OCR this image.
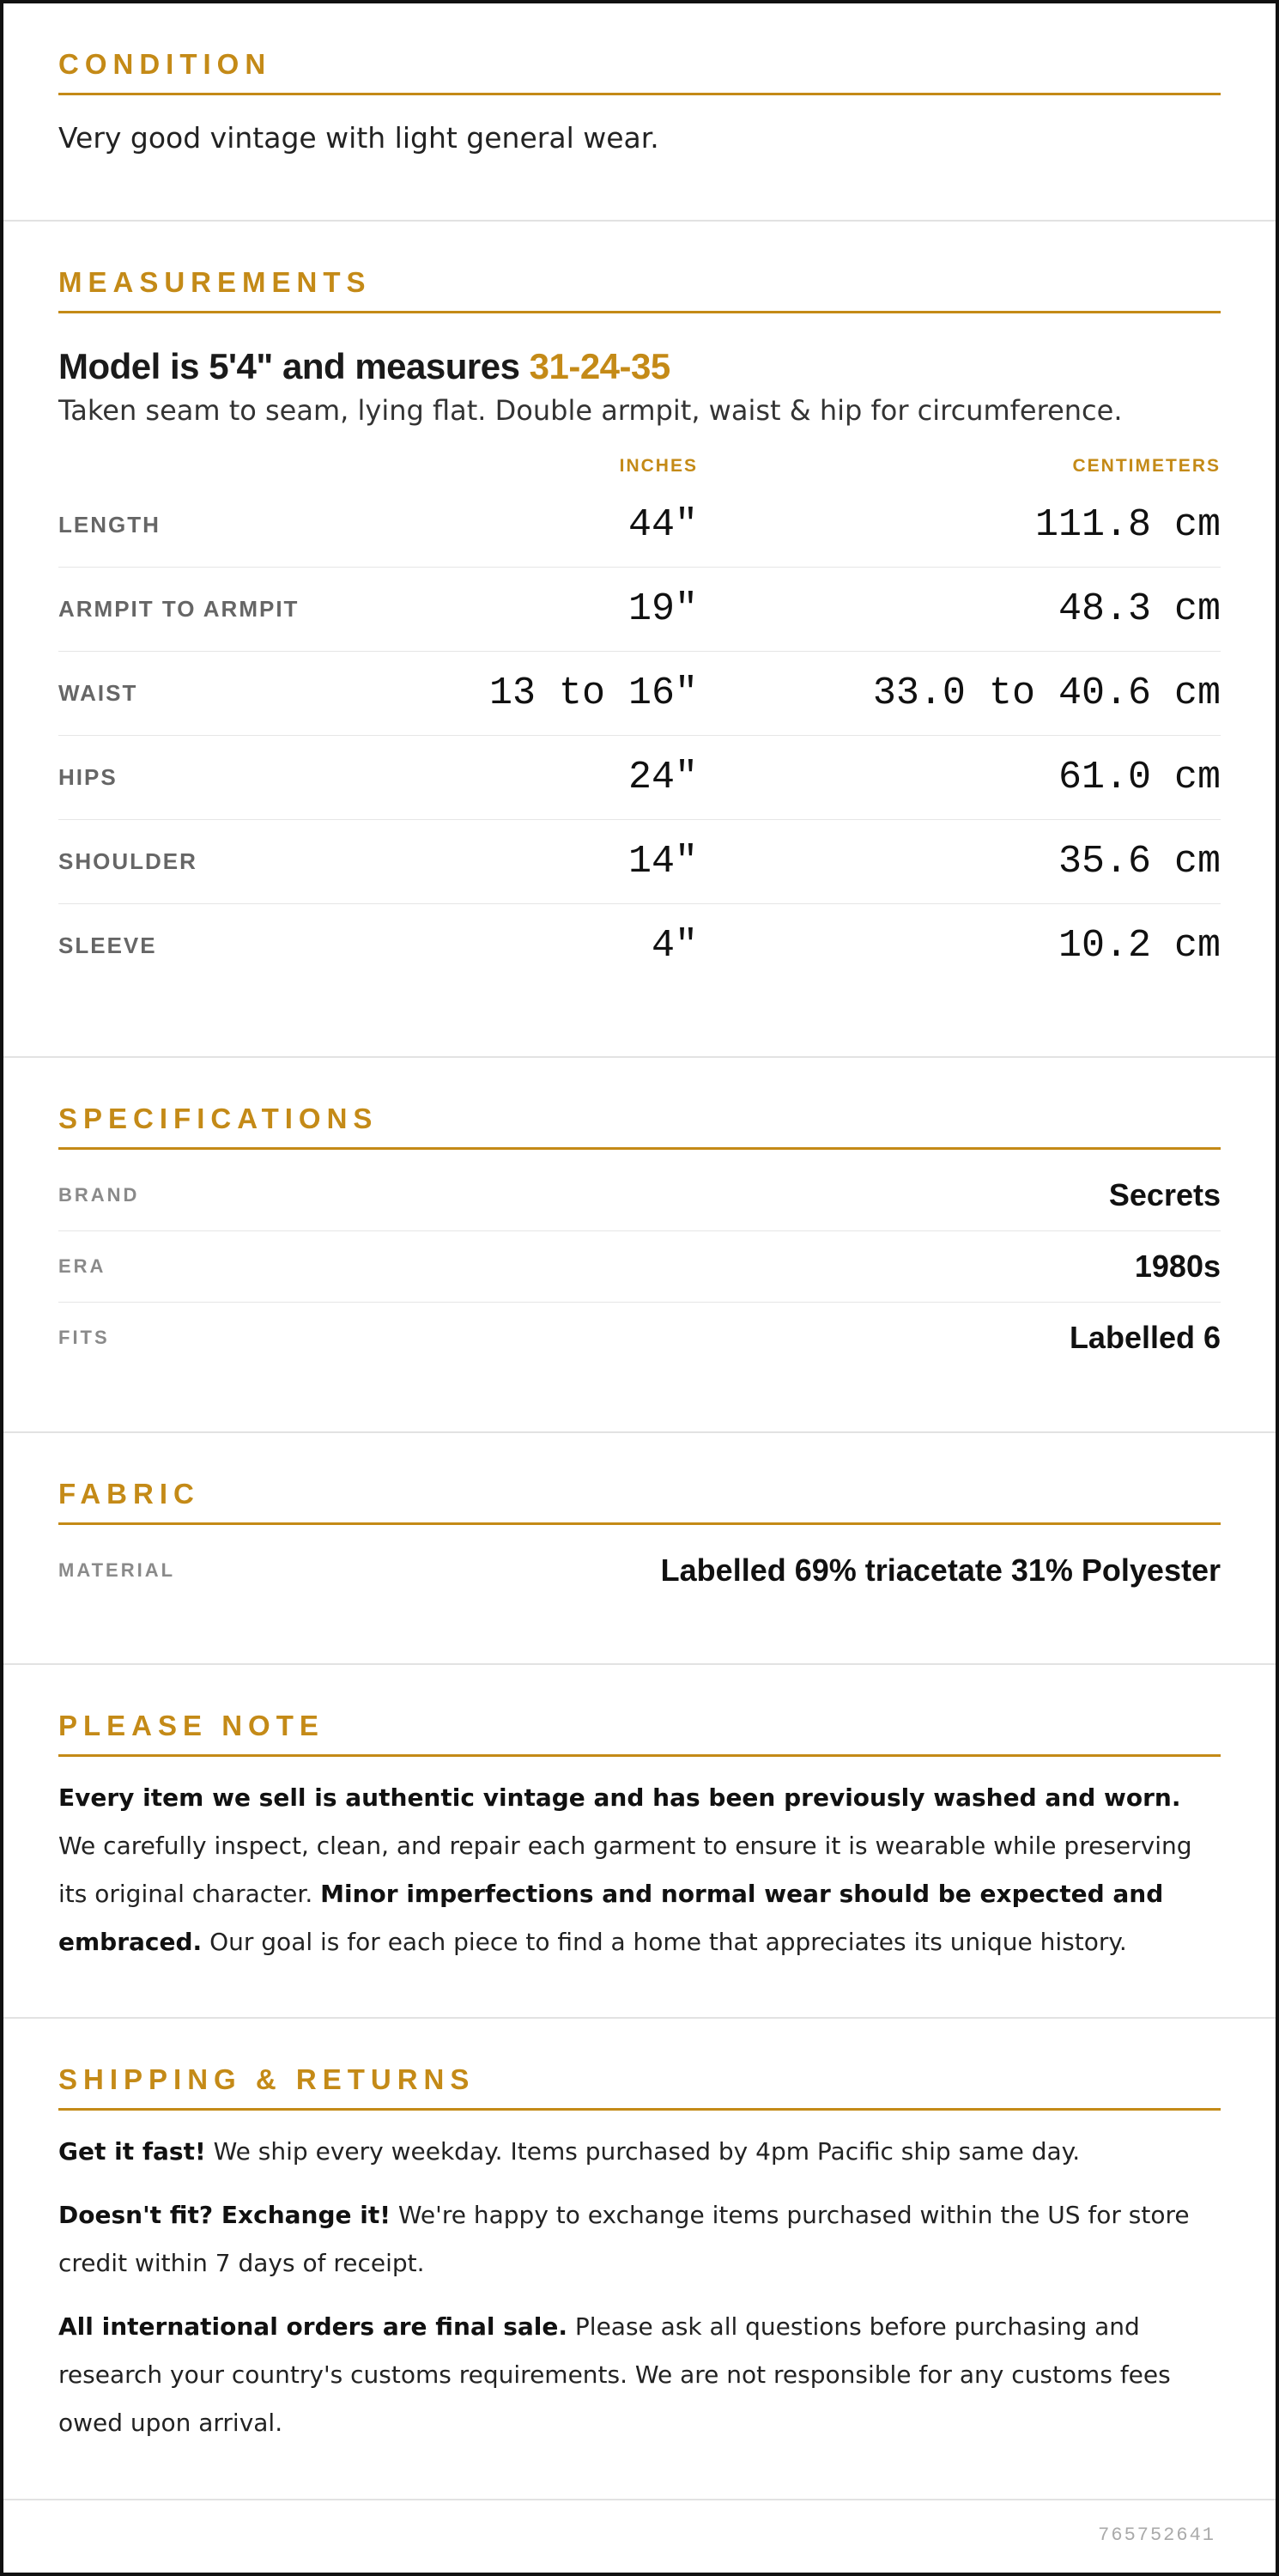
CONDITION
Very good vintage with light general wear.
MEASUREMENTS
Model is 5'4" and measures 31-24-35
Taken seam to seam, lying flat. Double armpit, waist & hip for circumference.
INCHES	CENTIMETERS
LENGTH	44"	111.8 cm
ARMPIT TO ARMPIT	19"	48.3 cm
WAIST	13 to 16"	33.0 to 40.6 cm
HIPS	24"	61.0 cm
SHOULDER	14"	35.6 cm
SLEEVE	4"	10.2 cm
SPECIFICATIONS
BRAND	Secrets
ERA	1980s
FITS	Labelled 6
FABRIC
MATERIAL	Labelled 69% triacetate 31% Polyester
PLEASE NOTE
Every item we sell is authentic vintage and has been previously washed and worn. We carefully inspect, clean, and repair each garment to ensure it is wearable while preserving its original character. Minor imperfections and normal wear should be expected and embraced. Our goal is for each piece to find a home that appreciates its unique history.
SHIPPING & RETURNS
Get it fast! We ship every weekday. Items purchased by 4pm Pacific ship same day.
Doesn't fit? Exchange it! We're happy to exchange items purchased within the US for store credit within 7 days of receipt.
All international orders are final sale. Please ask all questions before purchasing and research your country's customs requirements. We are not responsible for any customs fees owed upon arrival.
765752641
